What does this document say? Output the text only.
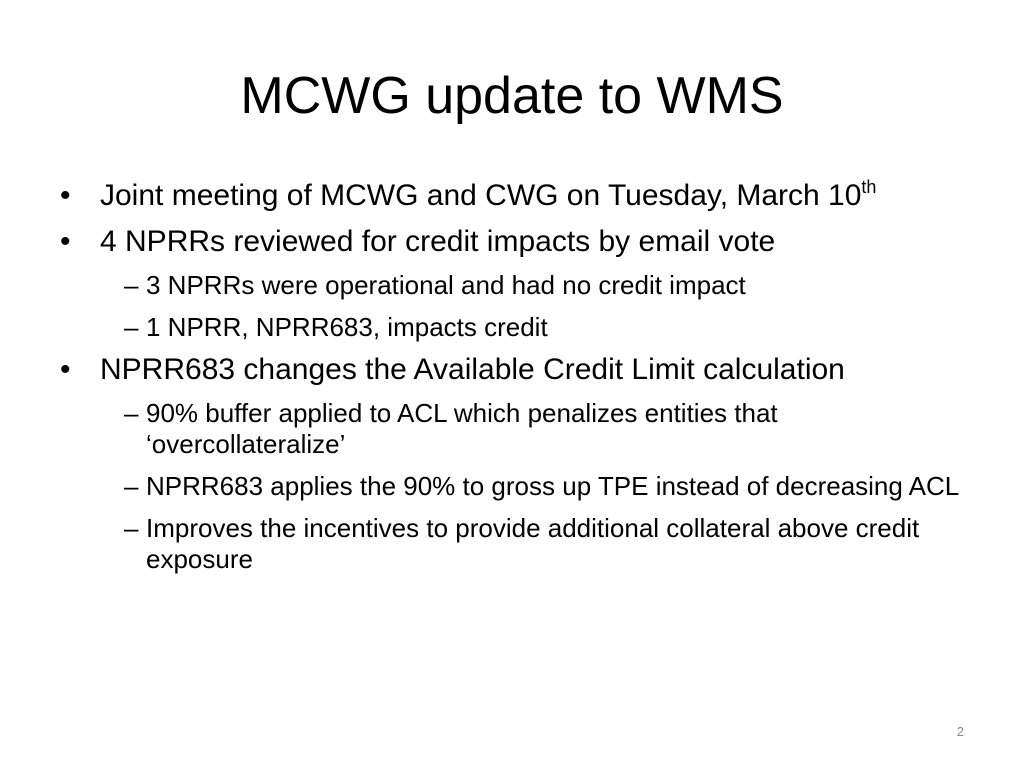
MCWG update to WMS
• Joint meeting of MCWG and CWG on Tuesday, March 10th
• 4 NPRRs reviewed for credit impacts by email vote
– 3 NPRRs were operational and had no credit impact
– 1 NPRR, NPRR683, impacts credit
• NPRR683 changes the Available Credit Limit calculation
– 90% buffer applied to ACL which penalizes entities that ‘overcollateralize’
– NPRR683 applies the 90% to gross up TPE instead of decreasing ACL
– Improves the incentives to provide additional collateral above credit exposure
2
